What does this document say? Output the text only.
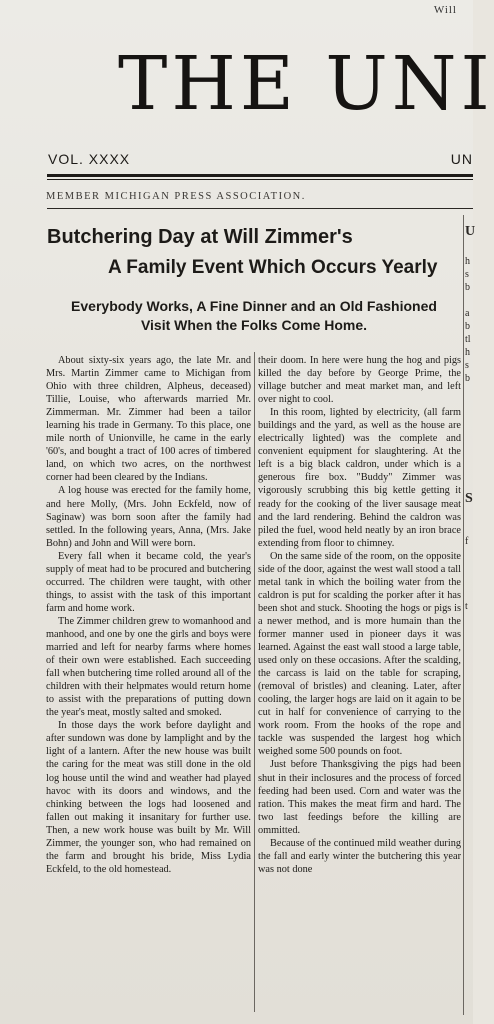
Will
THE UNI
VOL. XXXX	UN
MEMBER MICHIGAN PRESS ASSOCIATION.
Butchering Day at Will Zimmer's
A Family Event Which Occurs Yearly
Everybody Works, A Fine Dinner and an Old Fashioned
Visit When the Folks Come Home.

About sixty-six years ago, the late Mr. and Mrs. Martin Zimmer came to Michigan from Ohio with three children, Alpheus, deceased) Tillie, Louise, who afterwards married Mr. Zimmerman. Mr. Zimmer had been a tailor learning his trade in Germany. To this place, one mile north of Unionville, he came in the early '60's, and bought a tract of 100 acres of timbered land, on which two acres, on the northwest corner had been cleared by the Indians.

A log house was erected for the family home, and here Molly, (Mrs. John Eckfeld, now of Saginaw) was born soon after the family had settled. In the following years, Anna, (Mrs. Jake Bohn) and John and Will were born.

Every fall when it became cold, the year's supply of meat had to be procured and butchering occurred. The children were taught, with other things, to assist with the task of this important farm and home work.

The Zimmer children grew to womanhood and manhood, and one by one the girls and boys were married and left for nearby farms where homes of their own were established. Each succeeding fall when butchering time rolled around all of the children with their helpmates would return home to assist with the preparations of putting down the year's meat, mostly salted and smoked.

In those days the work before daylight and after sundown was done by lamplight and by the light of a lantern. After the new house was built the caring for the meat was still done in the old log house until the wind and weather had played havoc with its doors and windows, and the chinking between the logs had loosened and fallen out making it insanitary for further use. Then, a new work house was built by Mr. Will Zimmer, the younger son, who had remained on the farm and brought his bride, Miss Lydia Eckfeld, to the old homestead.

their doom. In here were hung the hog and pigs killed the day before by George Prime, the village butcher and meat market man, and left over night to cool.

In this room, lighted by electricity, (all farm buildings and the yard, as well as the house are electrically lighted) was the complete and convenient equipment for slaughtering. At the left is a big black caldron, under which is a generous fire box. "Buddy" Zimmer was vigorously scrubbing this big kettle getting it ready for the cooking of the liver sausage meat and the lard rendering. Behind the caldron was piled the fuel, wood held neatly by an iron brace extending from floor to chimney.

On the same side of the room, on the opposite side of the door, against the west wall stood a tall metal tank in which the boiling water from the caldron is put for scalding the porker after it has been shot and stuck. Shooting the hogs or pigs is a newer method, and is more humain than the former manner used in pioneer days it was learned. Against the east wall stood a large table, used only on these occasions. After the scalding, the carcass is laid on the table for scraping, (removal of bristles) and cleaning. Later, after cooling, the larger hogs are laid on it again to be cut in half for convenience of carrying to the work room. From the hooks of the rope and tackle was suspended the largest hog which weighed some 500 pounds on foot.

Just before Thanksgiving the pigs had been shut in their inclosures and the process of forced feeding had been used. Corn and water was the ration. This makes the meat firm and hard. The two last feedings before the killing are ommitted.

Because of the continued mild weather during the fall and early winter the butchering this year was not done

U

h
s
b

a
b
tl
h
s
b

S

f

t
